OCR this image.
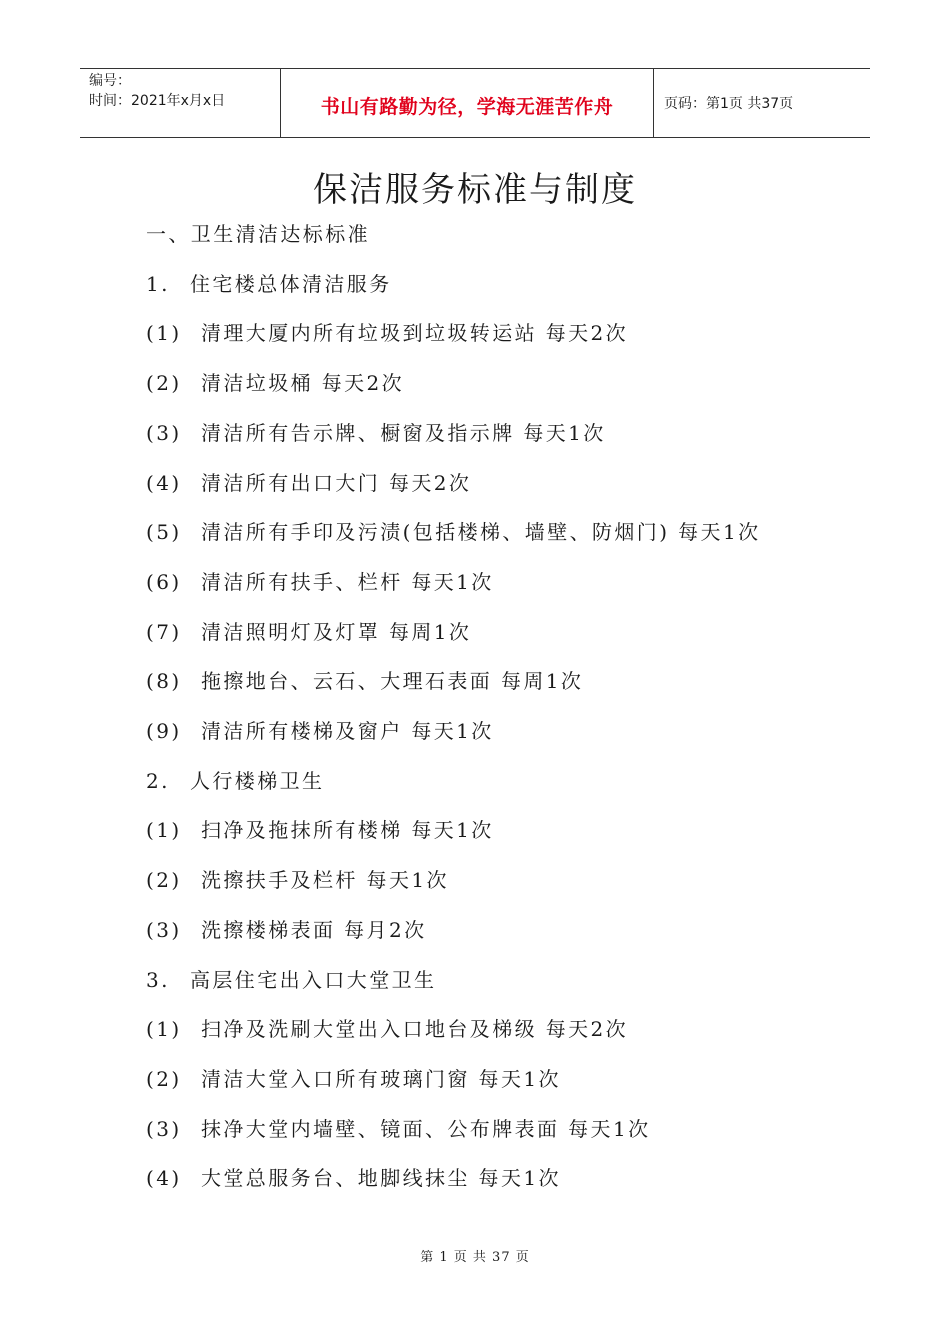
编号：
时间：2021年x月x日	书山有路勤为径，学海无涯苦作舟	页码：第1页 共37页
保洁服务标准与制度
一、卫生清洁达标标准
1. 住宅楼总体清洁服务
(1) 清理大厦内所有垃圾到垃圾转运站 每天2次
(2) 清洁垃圾桶 每天2次
(3) 清洁所有告示牌、橱窗及指示牌 每天1次
(4) 清洁所有出口大门 每天2次
(5) 清洁所有手印及污渍(包括楼梯、墙壁、防烟门) 每天1次
(6) 清洁所有扶手、栏杆 每天1次
(7) 清洁照明灯及灯罩 每周1次
(8) 拖擦地台、云石、大理石表面 每周1次
(9) 清洁所有楼梯及窗户 每天1次
2. 人行楼梯卫生
(1) 扫净及拖抹所有楼梯 每天1次
(2) 洗擦扶手及栏杆 每天1次
(3) 洗擦楼梯表面 每月2次
3. 高层住宅出入口大堂卫生
(1) 扫净及洗刷大堂出入口地台及梯级 每天2次
(2) 清洁大堂入口所有玻璃门窗 每天1次
(3) 抹净大堂内墙壁、镜面、公布牌表面 每天1次
(4) 大堂总服务台、地脚线抹尘 每天1次
第 1 页 共 37 页
